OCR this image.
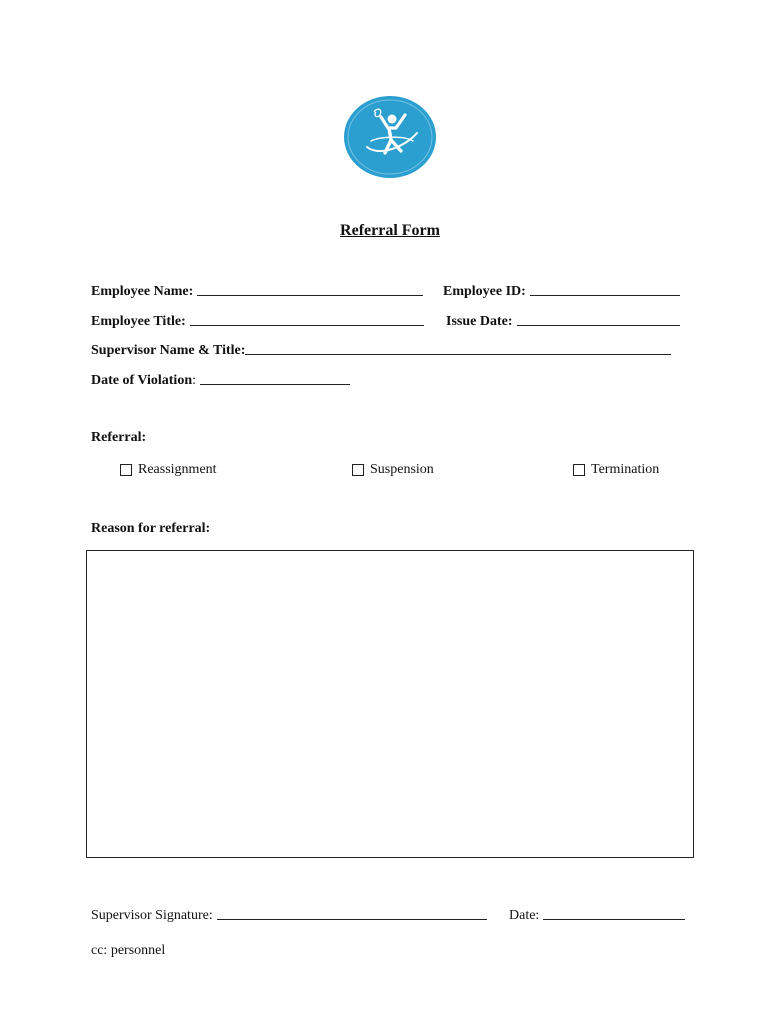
Referral Form
Employee Name:	Employee ID:
Employee Title:	Issue Date:
Supervisor Name & Title:
Date of Violation :
Referral:
Reassignment	Suspension	Termination
Reason for referral:
Supervisor Signature:	Date:
cc: personnel
